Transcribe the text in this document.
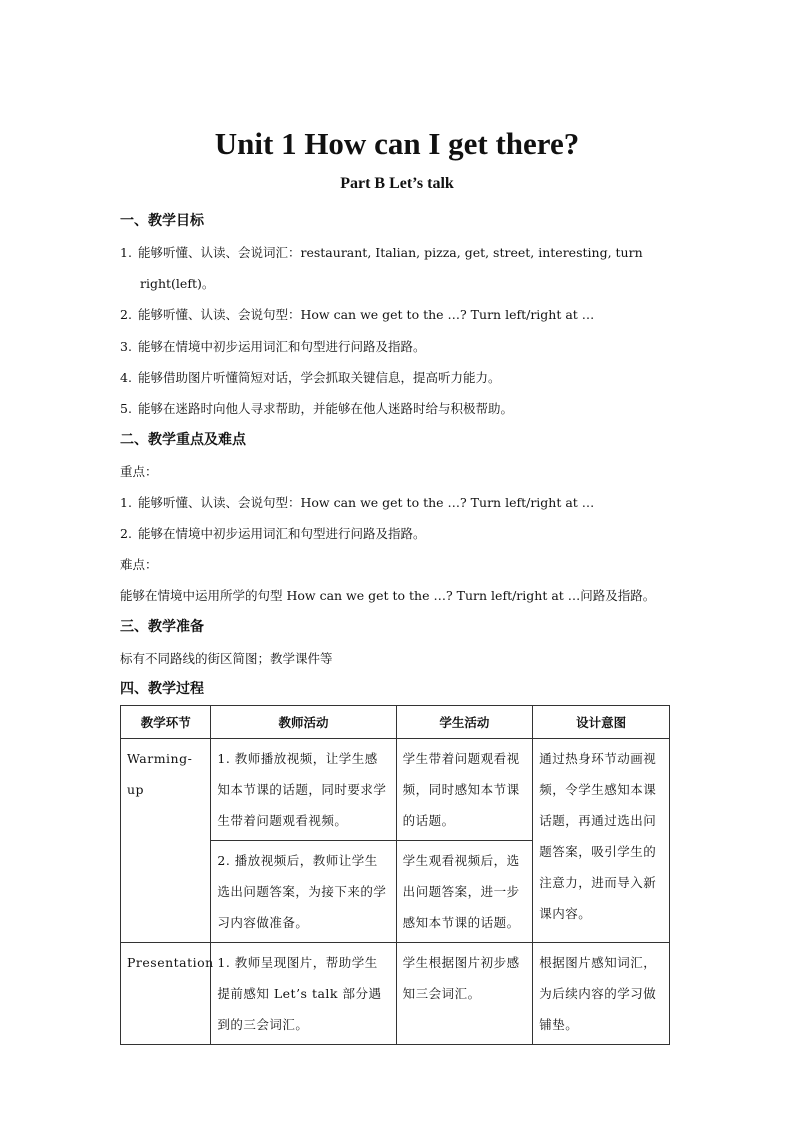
Unit 1 How can I get there?
Part B Let’s talk
一、教学目标
1. 能够听懂、认读、会说词汇：restaurant, Italian, pizza, get, street, interesting, turn
right(left)。
2. 能够听懂、认读、会说句型：How can we get to the …? Turn left/right at …
3. 能够在情境中初步运用词汇和句型进行问路及指路。
4. 能够借助图片听懂简短对话，学会抓取关键信息，提高听力能力。
5. 能够在迷路时向他人寻求帮助，并能够在他人迷路时给与积极帮助。
二、教学重点及难点
重点：
1. 能够听懂、认读、会说句型：How can we get to the …? Turn left/right at …
2. 能够在情境中初步运用词汇和句型进行问路及指路。
难点：
能够在情境中运用所学的句型 How can we get to the …? Turn left/right at …问路及指路。
三、教学准备
标有不同路线的街区简图；教学课件等
四、教学过程
教学环节	教师活动	学生活动	设计意图
Warming-up	1. 教师播放视频，让学生感知本节课的话题，同时要求学生带着问题观看视频。	学生带着问题观看视频，同时感知本节课的话题。	通过热身环节动画视频，令学生感知本课话题，再通过选出问题答案，吸引学生的注意力，进而导入新课内容。
	2. 播放视频后，教师让学生选出问题答案，为接下来的学习内容做准备。	学生观看视频后，选出问题答案，进一步感知本节课的话题。	
Presentation	1. 教师呈现图片，帮助学生提前感知 Let’s talk 部分遇到的三会词汇。	学生根据图片初步感知三会词汇。	根据图片感知词汇，为后续内容的学习做铺垫。
